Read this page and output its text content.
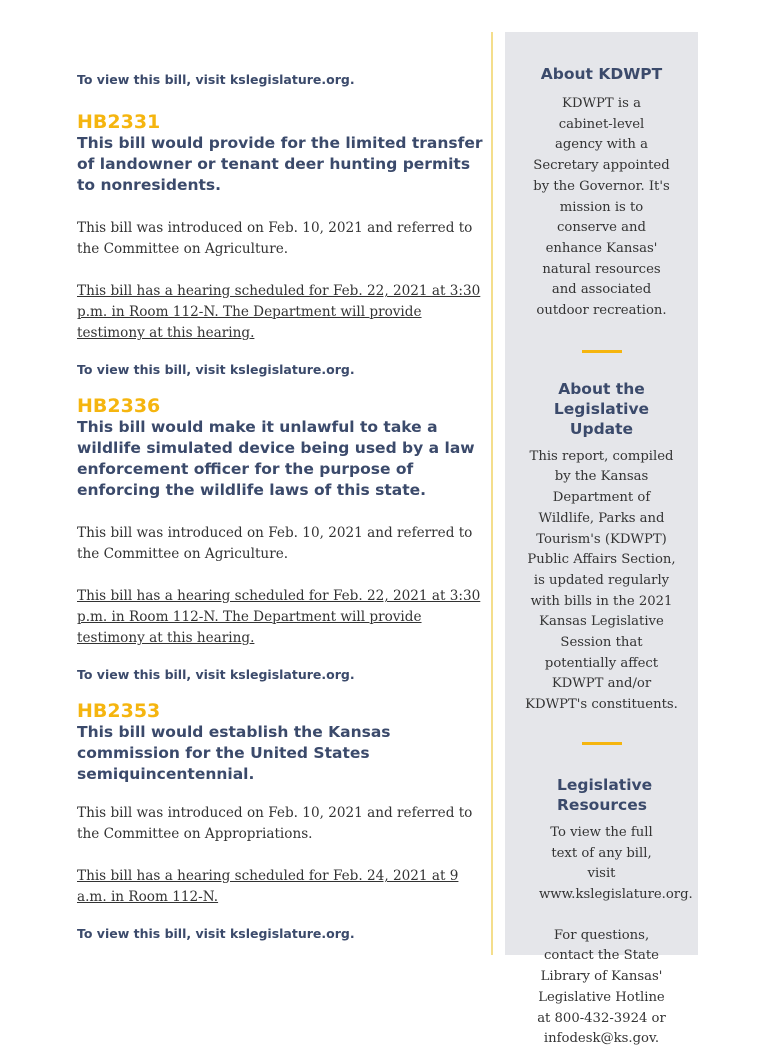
To view this bill, visit kslegislature.org.

HB2331

This bill would provide for the limited transfer of landowner or tenant deer hunting permits to nonresidents.

This bill was introduced on Feb. 10, 2021 and referred to the Committee on Agriculture.

This bill has a hearing scheduled for Feb. 22, 2021 at 3:30 p.m. in Room 112-N. The Department will provide testimony at this hearing.

To view this bill, visit kslegislature.org.

HB2336

This bill would make it unlawful to take a wildlife simulated device being used by a law enforcement officer for the purpose of enforcing the wildlife laws of this state.

This bill was introduced on Feb. 10, 2021 and referred to the Committee on Agriculture.

This bill has a hearing scheduled for Feb. 22, 2021 at 3:30 p.m. in Room 112-N. The Department will provide testimony at this hearing.

To view this bill, visit kslegislature.org.

HB2353

This bill would establish the Kansas commission for the United States semiquincentennial.

This bill was introduced on Feb. 10, 2021 and referred to the Committee on Appropriations.

This bill has a hearing scheduled for Feb. 24, 2021 at 9 a.m. in Room 112-N.

To view this bill, visit kslegislature.org.

About KDWPT

KDWPT is a cabinet-level agency with a Secretary appointed by the Governor. It's mission is to conserve and enhance Kansas' natural resources and associated outdoor recreation.

About the Legislative Update

This report, compiled by the Kansas Department of Wildlife, Parks and Tourism's (KDWPT) Public Affairs Section, is updated regularly with bills in the 2021 Kansas Legislative Session that potentially affect KDWPT and/or KDWPT's constituents.

Legislative Resources

To view the full text of any bill, visit www.kslegislature.org.

For questions, contact the State Library of Kansas' Legislative Hotline at 800-432-3924 or infodesk@ks.gov.
